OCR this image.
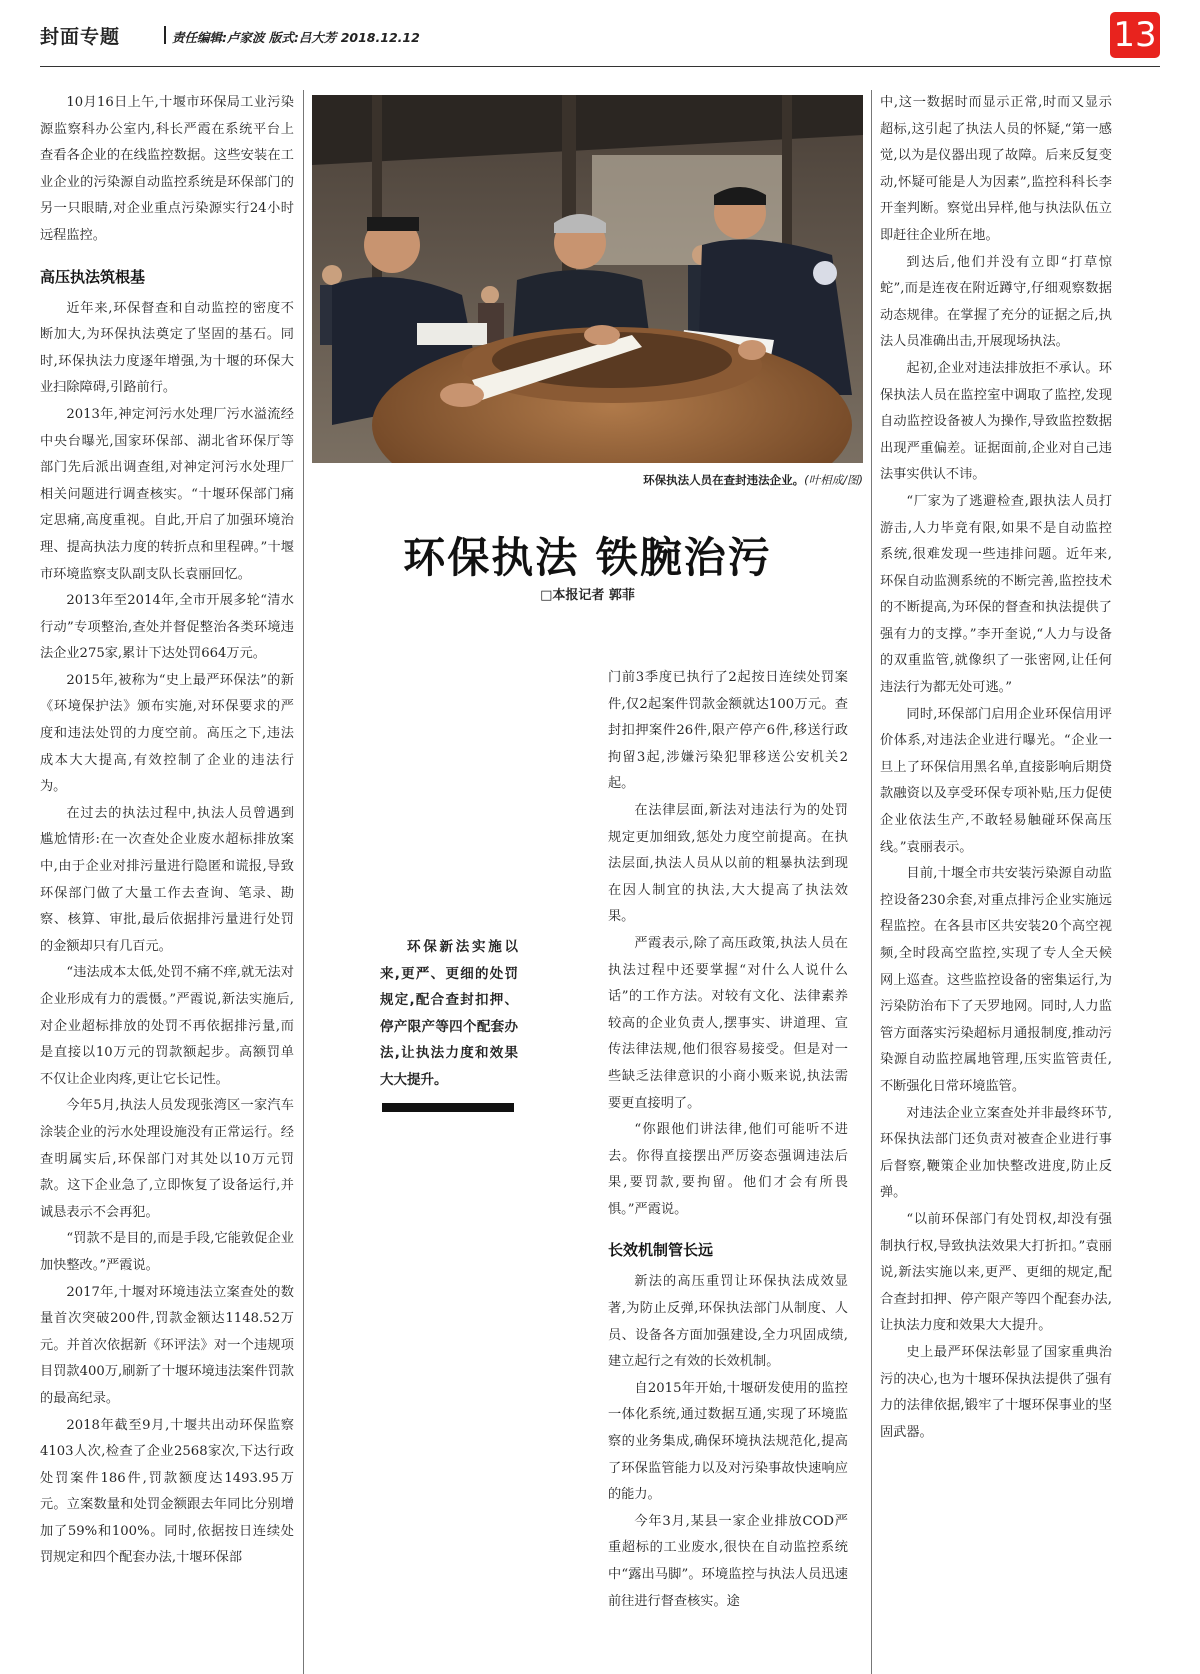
封面专题	责任编辑:卢家波 版式:吕大芳 2018.12.12	13

10月16日上午,十堰市环保局工业污染源监察科办公室内,科长严霞在系统平台上查看各企业的在线监控数据。这些安装在工业企业的污染源自动监控系统是环保部门的另一只眼睛,对企业重点污染源实行24小时远程监控。

高压执法筑根基

近年来,环保督查和自动监控的密度不断加大,为环保执法奠定了坚固的基石。同时,环保执法力度逐年增强,为十堰的环保大业扫除障碍,引路前行。

2013年,神定河污水处理厂污水溢流经中央台曝光,国家环保部、湖北省环保厅等部门先后派出调查组,对神定河污水处理厂相关问题进行调查核实。“十堰环保部门痛定思痛,高度重视。自此,开启了加强环境治理、提高执法力度的转折点和里程碑。”十堰市环境监察支队副支队长袁丽回忆。

2013年至2014年,全市开展多轮“清水行动”专项整治,查处并督促整治各类环境违法企业275家,累计下达处罚664万元。

2015年,被称为“史上最严环保法”的新《环境保护法》颁布实施,对环保要求的严度和违法处罚的力度空前。高压之下,违法成本大大提高,有效控制了企业的违法行为。

在过去的执法过程中,执法人员曾遇到尴尬情形:在一次查处企业废水超标排放案中,由于企业对排污量进行隐匿和谎报,导致环保部门做了大量工作去查询、笔录、勘察、核算、审批,最后依据排污量进行处罚的金额却只有几百元。

“违法成本太低,处罚不痛不痒,就无法对企业形成有力的震慑。”严霞说,新法实施后,对企业超标排放的处罚不再依据排污量,而是直接以10万元的罚款额起步。高额罚单不仅让企业肉疼,更让它长记性。

今年5月,执法人员发现张湾区一家汽车涂装企业的污水处理设施没有正常运行。经查明属实后,环保部门对其处以10万元罚款。这下企业急了,立即恢复了设备运行,并诚恳表示不会再犯。

“罚款不是目的,而是手段,它能敦促企业加快整改。”严霞说。

2017年,十堰对环境违法立案查处的数量首次突破200件,罚款金额达1148.52万元。并首次依据新《环评法》对一个违规项目罚款400万,刷新了十堰环境违法案件罚款的最高纪录。

2018年截至9月,十堰共出动环保监察4103人次,检查了企业2568家次,下达行政处罚案件186件,罚款额度达1493.95万元。立案数量和处罚金额跟去年同比分别增加了59%和100%。同时,依据按日连续处罚规定和四个配套办法,十堰环保部

环保执法人员在查封违法企业。(叶相成/图)
环保执法 铁腕治污
□本报记者 郭菲

环保新法实施以来,更严、更细的处罚规定,配合查封扣押、停产限产等四个配套办法,让执法力度和效果大大提升。

门前3季度已执行了2起按日连续处罚案件,仅2起案件罚款金额就达100万元。查封扣押案件26件,限产停产6件,移送行政拘留3起,涉嫌污染犯罪移送公安机关2起。

在法律层面,新法对违法行为的处罚规定更加细致,惩处力度空前提高。在执法层面,执法人员从以前的粗暴执法到现在因人制宜的执法,大大提高了执法效果。

严霞表示,除了高压政策,执法人员在执法过程中还要掌握“对什么人说什么话”的工作方法。对较有文化、法律素养较高的企业负责人,摆事实、讲道理、宣传法律法规,他们很容易接受。但是对一些缺乏法律意识的小商小贩来说,执法需要更直接明了。

“你跟他们讲法律,他们可能听不进去。你得直接摆出严厉姿态强调违法后果,要罚款,要拘留。他们才会有所畏惧。”严霞说。

长效机制管长远

新法的高压重罚让环保执法成效显著,为防止反弹,环保执法部门从制度、人员、设备各方面加强建设,全力巩固成绩,建立起行之有效的长效机制。

自2015年开始,十堰研发使用的监控一体化系统,通过数据互通,实现了环境监察的业务集成,确保环境执法规范化,提高了环保监管能力以及对污染事故快速响应的能力。

今年3月,某县一家企业排放COD严重超标的工业废水,很快在自动监控系统中“露出马脚”。环境监控与执法人员迅速前往进行督查核实。途

中,这一数据时而显示正常,时而又显示超标,这引起了执法人员的怀疑,“第一感觉,以为是仪器出现了故障。后来反复变动,怀疑可能是人为因素”,监控科科长李开奎判断。察觉出异样,他与执法队伍立即赶往企业所在地。

到达后,他们并没有立即“打草惊蛇”,而是连夜在附近蹲守,仔细观察数据动态规律。在掌握了充分的证据之后,执法人员准确出击,开展现场执法。

起初,企业对违法排放拒不承认。环保执法人员在监控室中调取了监控,发现自动监控设备被人为操作,导致监控数据出现严重偏差。证据面前,企业对自己违法事实供认不讳。

“厂家为了逃避检查,跟执法人员打游击,人力毕竟有限,如果不是自动监控系统,很难发现一些违排问题。近年来,环保自动监测系统的不断完善,监控技术的不断提高,为环保的督查和执法提供了强有力的支撑。”李开奎说,“人力与设备的双重监管,就像织了一张密网,让任何违法行为都无处可逃。”

同时,环保部门启用企业环保信用评价体系,对违法企业进行曝光。“企业一旦上了环保信用黑名单,直接影响后期贷款融资以及享受环保专项补贴,压力促使企业依法生产,不敢轻易触碰环保高压线。”袁丽表示。

目前,十堰全市共安装污染源自动监控设备230余套,对重点排污企业实施远程监控。在各县市区共安装20个高空视频,全时段高空监控,实现了专人全天候网上巡查。这些监控设备的密集运行,为污染防治布下了天罗地网。同时,人力监管方面落实污染超标月通报制度,推动污染源自动监控属地管理,压实监管责任,不断强化日常环境监管。

对违法企业立案查处并非最终环节,环保执法部门还负责对被查企业进行事后督察,鞭策企业加快整改进度,防止反弹。

“以前环保部门有处罚权,却没有强制执行权,导致执法效果大打折扣。”袁丽说,新法实施以来,更严、更细的规定,配合查封扣押、停产限产等四个配套办法,让执法力度和效果大大提升。

史上最严环保法彰显了国家重典治污的决心,也为十堰环保执法提供了强有力的法律依据,锻牢了十堰环保事业的坚固武器。
